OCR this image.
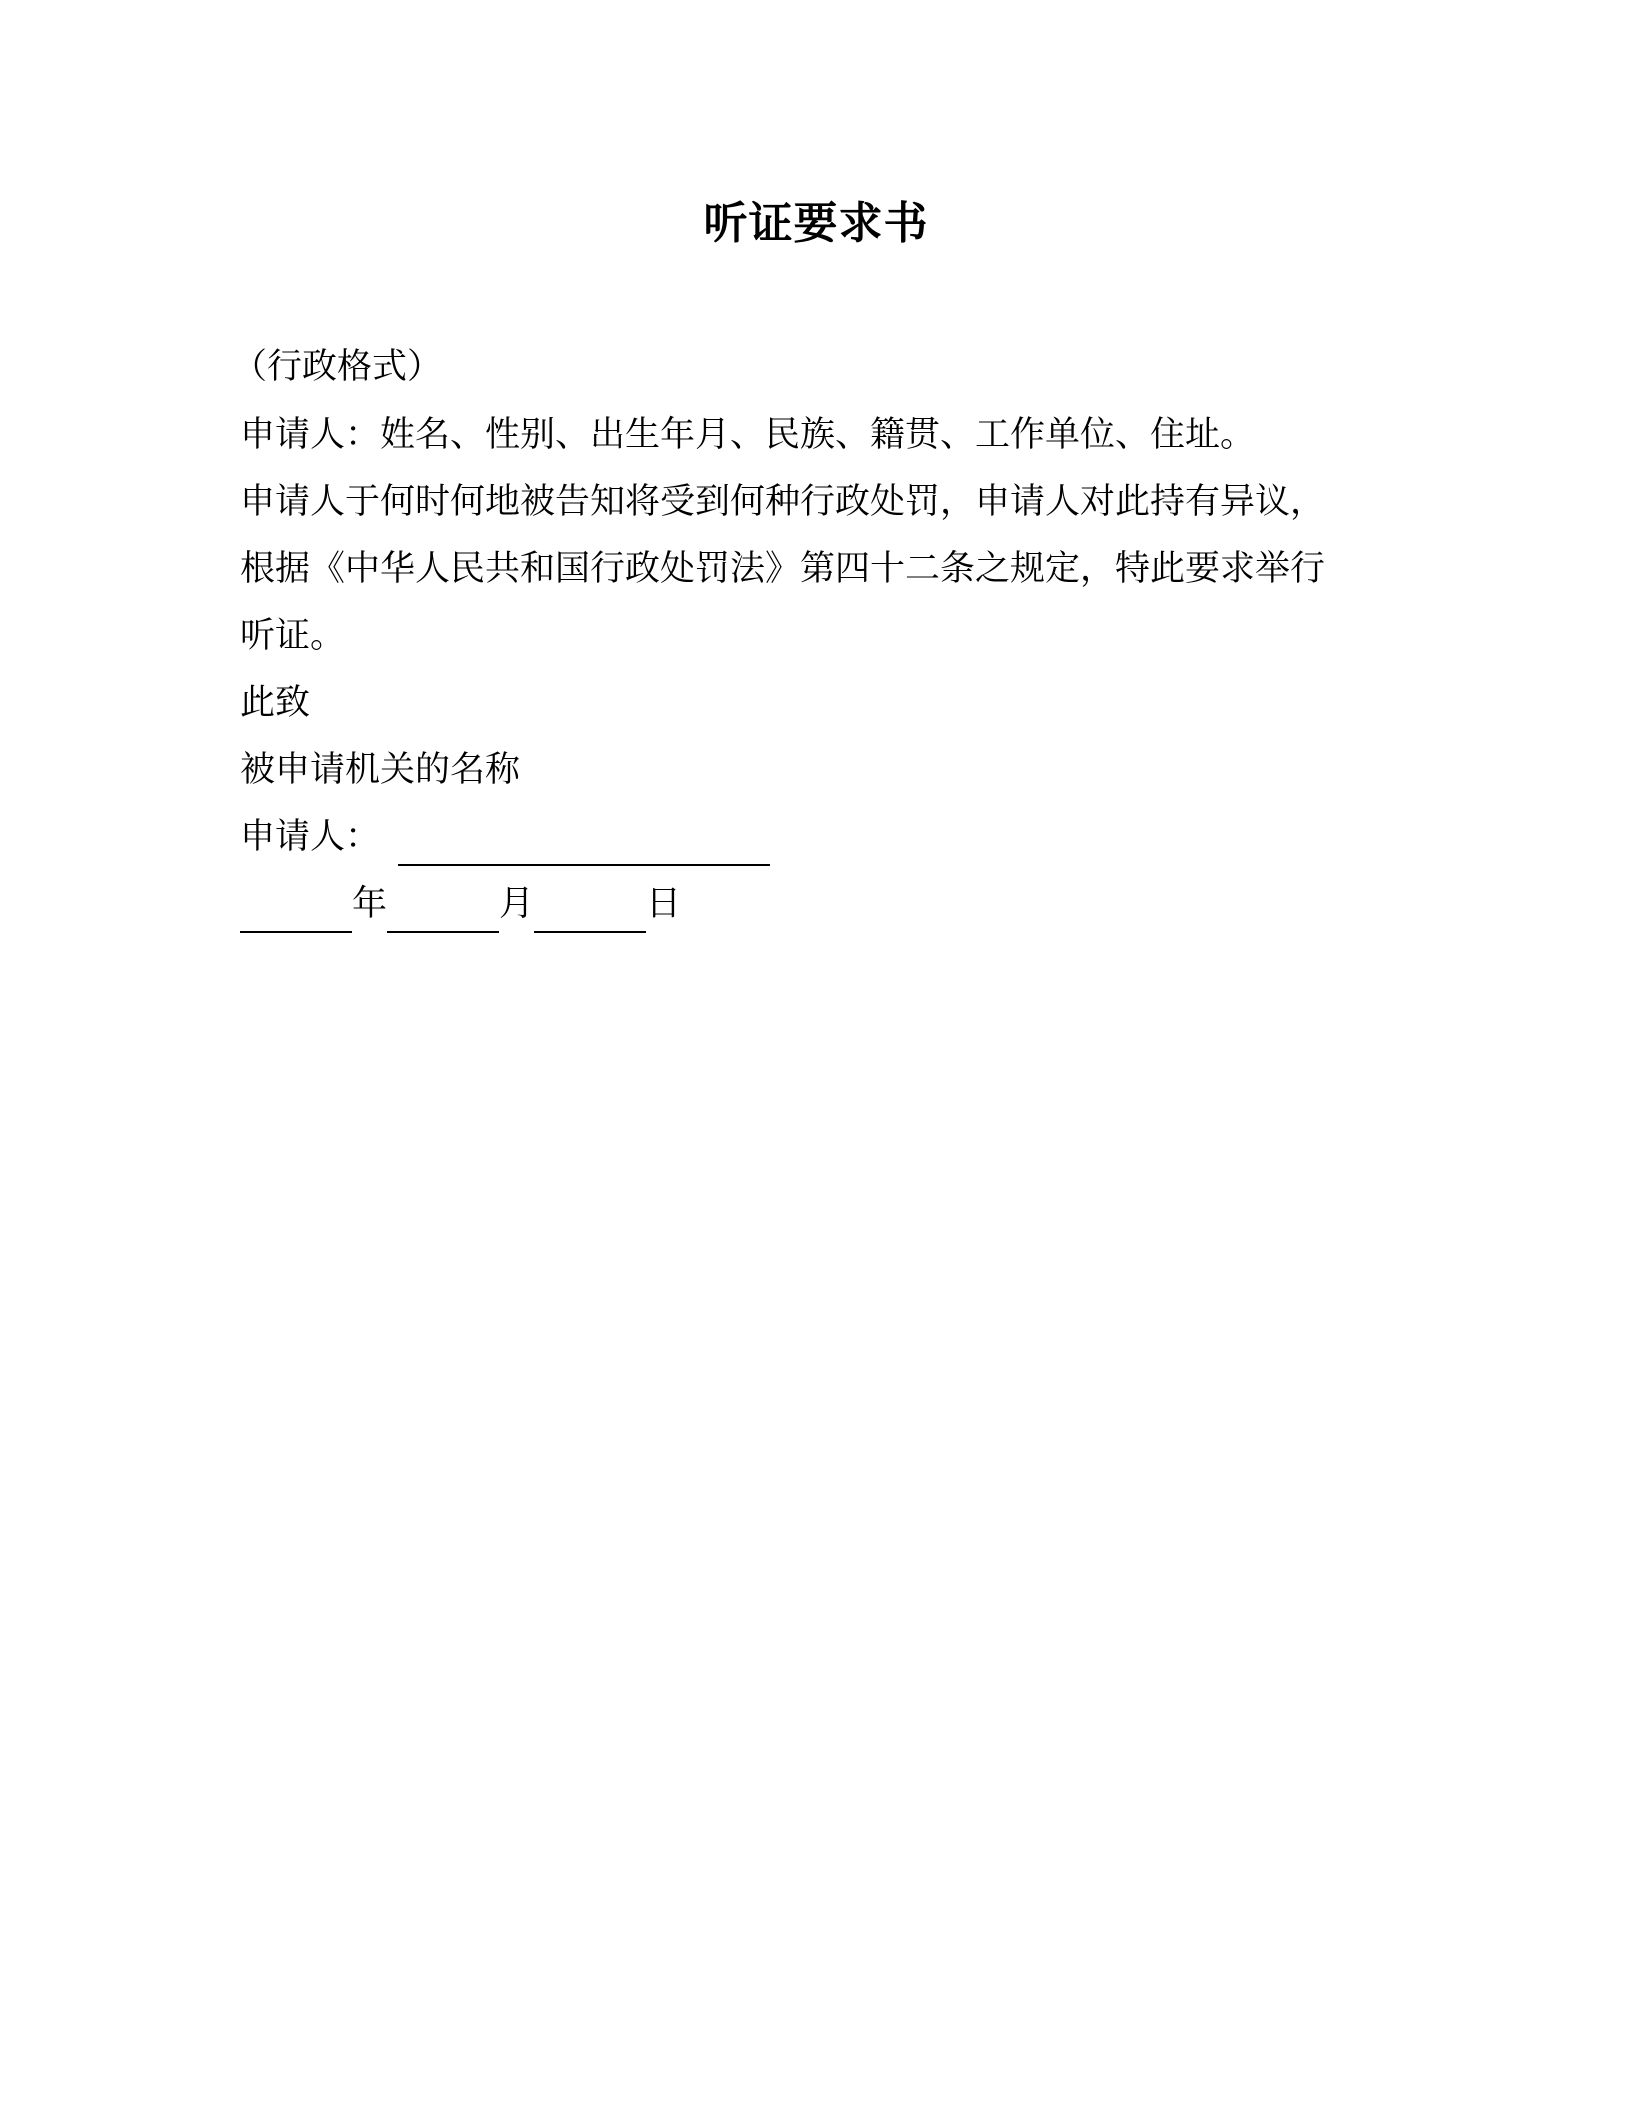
听证要求书
（行政格式）
申请人：姓名、性别、出生年月、民族、籍贯、工作单位、住址。
申请人于何时何地被告知将受到何种行政处罚，申请人对此持有异议，
根据《中华人民共和国行政处罚法》第四十二条之规定，特此要求举行
听证。
此致
被申请机关的名称
申请人：
年	月	日
